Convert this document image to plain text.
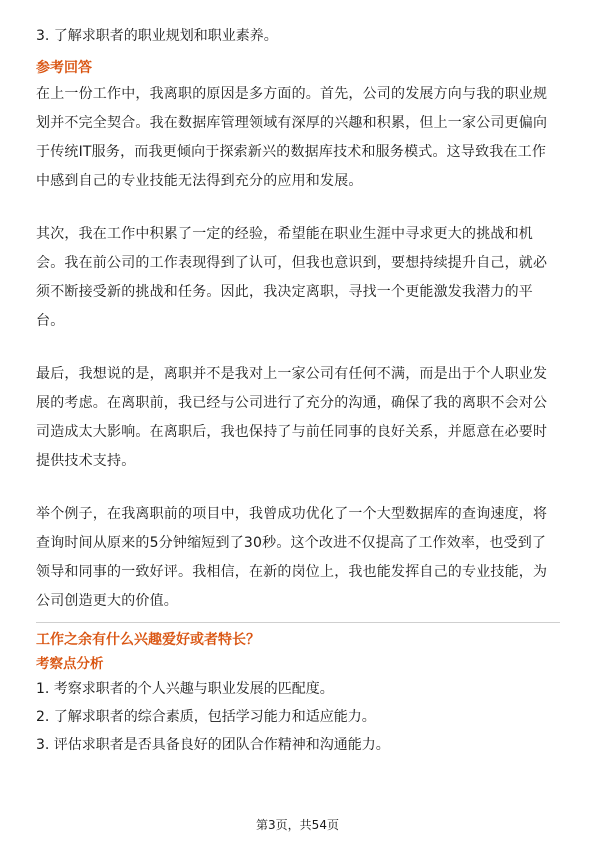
3. 了解求职者的职业规划和职业素养。
参考回答

在上一份工作中，我离职的原因是多方面的。首先，公司的发展方向与我的职业规划并不完全契合。我在数据库管理领域有深厚的兴趣和积累，但上一家公司更偏向于传统IT服务，而我更倾向于探索新兴的数据库技术和服务模式。这导致我在工作中感到自己的专业技能无法得到充分的应用和发展。

其次，我在工作中积累了一定的经验，希望能在职业生涯中寻求更大的挑战和机会。我在前公司的工作表现得到了认可，但我也意识到，要想持续提升自己，就必须不断接受新的挑战和任务。因此，我决定离职，寻找一个更能激发我潜力的平台。

最后，我想说的是，离职并不是我对上一家公司有任何不满，而是出于个人职业发展的考虑。在离职前，我已经与公司进行了充分的沟通，确保了我的离职不会对公司造成太大影响。在离职后，我也保持了与前任同事的良好关系，并愿意在必要时提供技术支持。

举个例子，在我离职前的项目中，我曾成功优化了一个大型数据库的查询速度，将查询时间从原来的5分钟缩短到了30秒。这个改进不仅提高了工作效率，也受到了领导和同事的一致好评。我相信，在新的岗位上，我也能发挥自己的专业技能，为公司创造更大的价值。

工作之余有什么兴趣爱好或者特长？
考察点分析
1. 考察求职者的个人兴趣与职业发展的匹配度。
2. 了解求职者的综合素质，包括学习能力和适应能力。
3. 评估求职者是否具备良好的团队合作精神和沟通能力。
第3页，共54页
